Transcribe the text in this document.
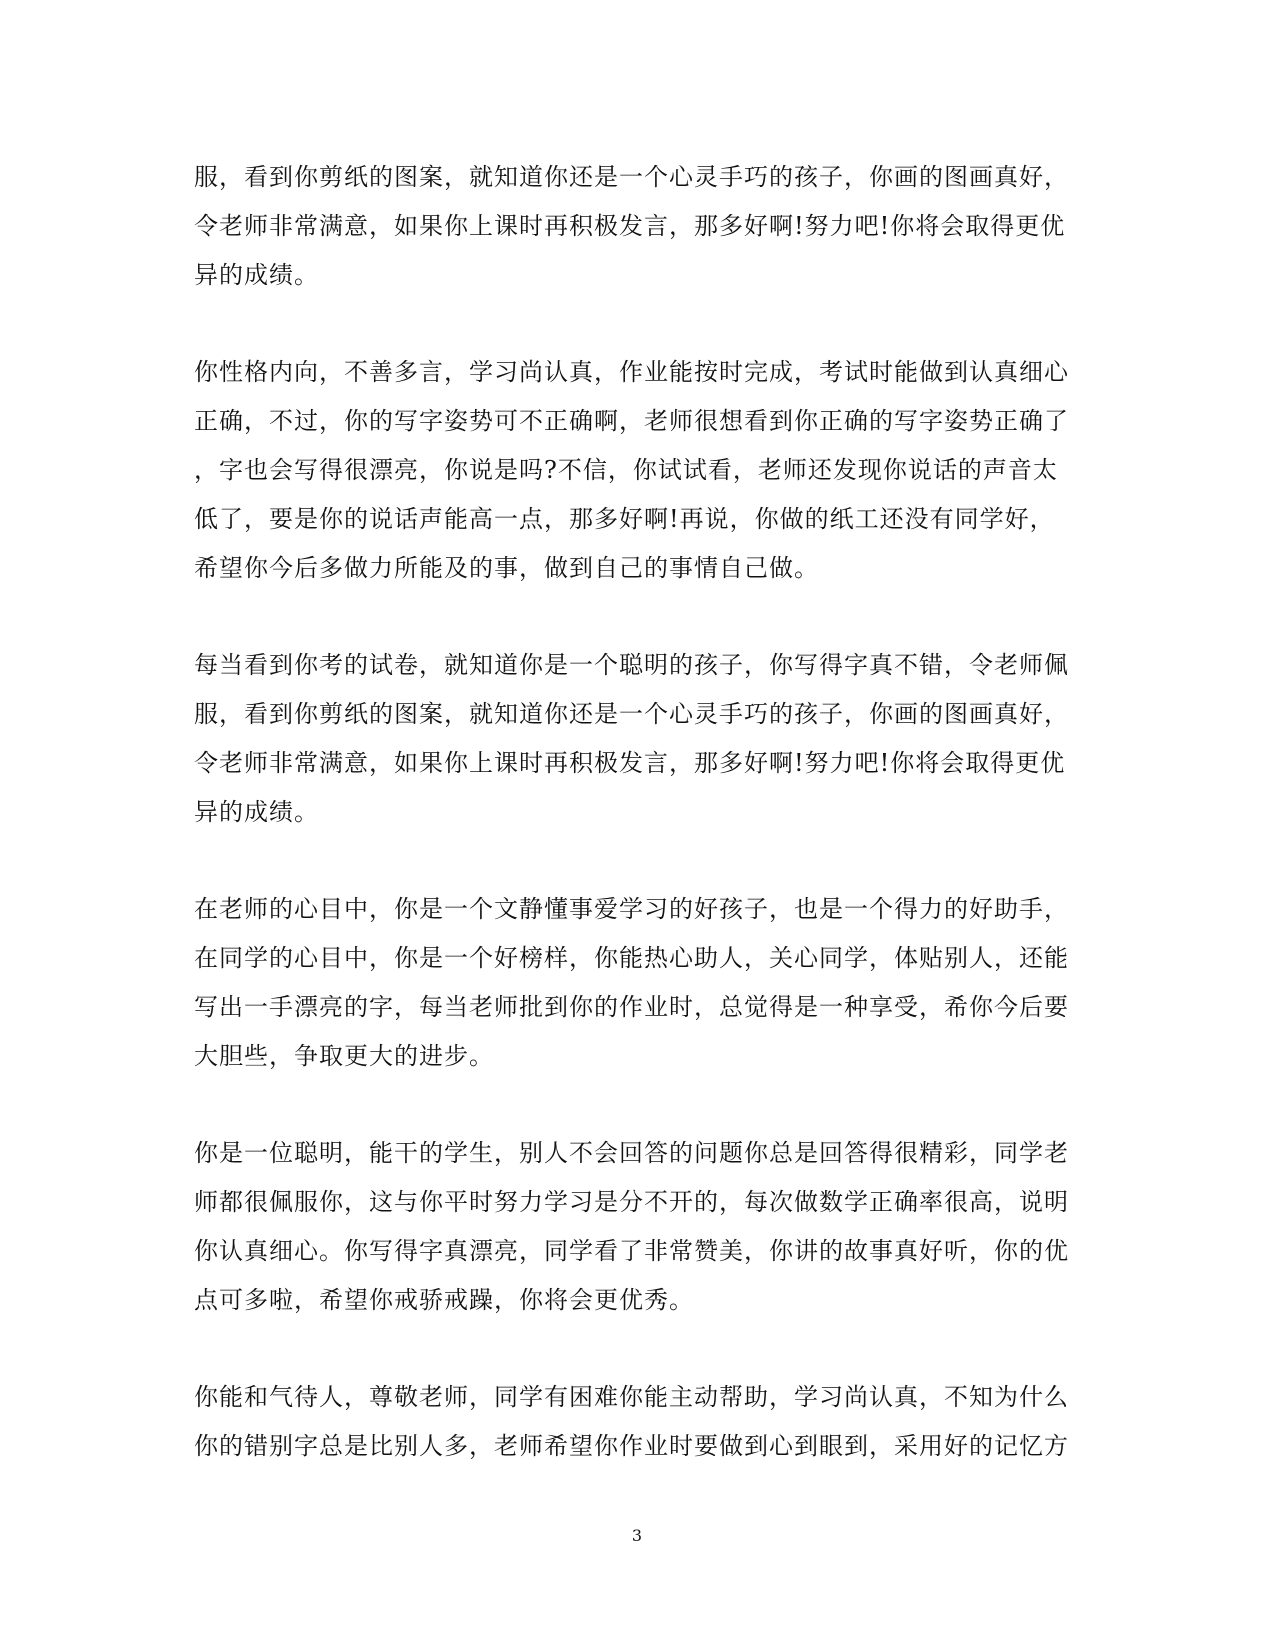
服，看到你剪纸的图案，就知道你还是一个心灵手巧的孩子，你画的图画真好，
令老师非常满意，如果你上课时再积极发言，那多好啊!努力吧!你将会取得更优
异的成绩。
你性格内向，不善多言，学习尚认真，作业能按时完成，考试时能做到认真细心
正确，不过，你的写字姿势可不正确啊，老师很想看到你正确的写字姿势正确了
，字也会写得很漂亮，你说是吗?不信，你试试看，老师还发现你说话的声音太
低了，要是你的说话声能高一点，那多好啊!再说，你做的纸工还没有同学好，
希望你今后多做力所能及的事，做到自己的事情自己做。
每当看到你考的试卷，就知道你是一个聪明的孩子，你写得字真不错，令老师佩
服，看到你剪纸的图案，就知道你还是一个心灵手巧的孩子，你画的图画真好，
令老师非常满意，如果你上课时再积极发言，那多好啊!努力吧!你将会取得更优
异的成绩。
在老师的心目中，你是一个文静懂事爱学习的好孩子，也是一个得力的好助手，
在同学的心目中，你是一个好榜样，你能热心助人，关心同学，体贴别人，还能
写出一手漂亮的字，每当老师批到你的作业时，总觉得是一种享受，希你今后要
大胆些，争取更大的进步。
你是一位聪明，能干的学生，别人不会回答的问题你总是回答得很精彩，同学老
师都很佩服你，这与你平时努力学习是分不开的，每次做数学正确率很高，说明
你认真细心。你写得字真漂亮，同学看了非常赞美，你讲的故事真好听，你的优
点可多啦，希望你戒骄戒躁，你将会更优秀。
你能和气待人，尊敬老师，同学有困难你能主动帮助，学习尚认真，不知为什么
你的错别字总是比别人多，老师希望你作业时要做到心到眼到，采用好的记忆方
3
